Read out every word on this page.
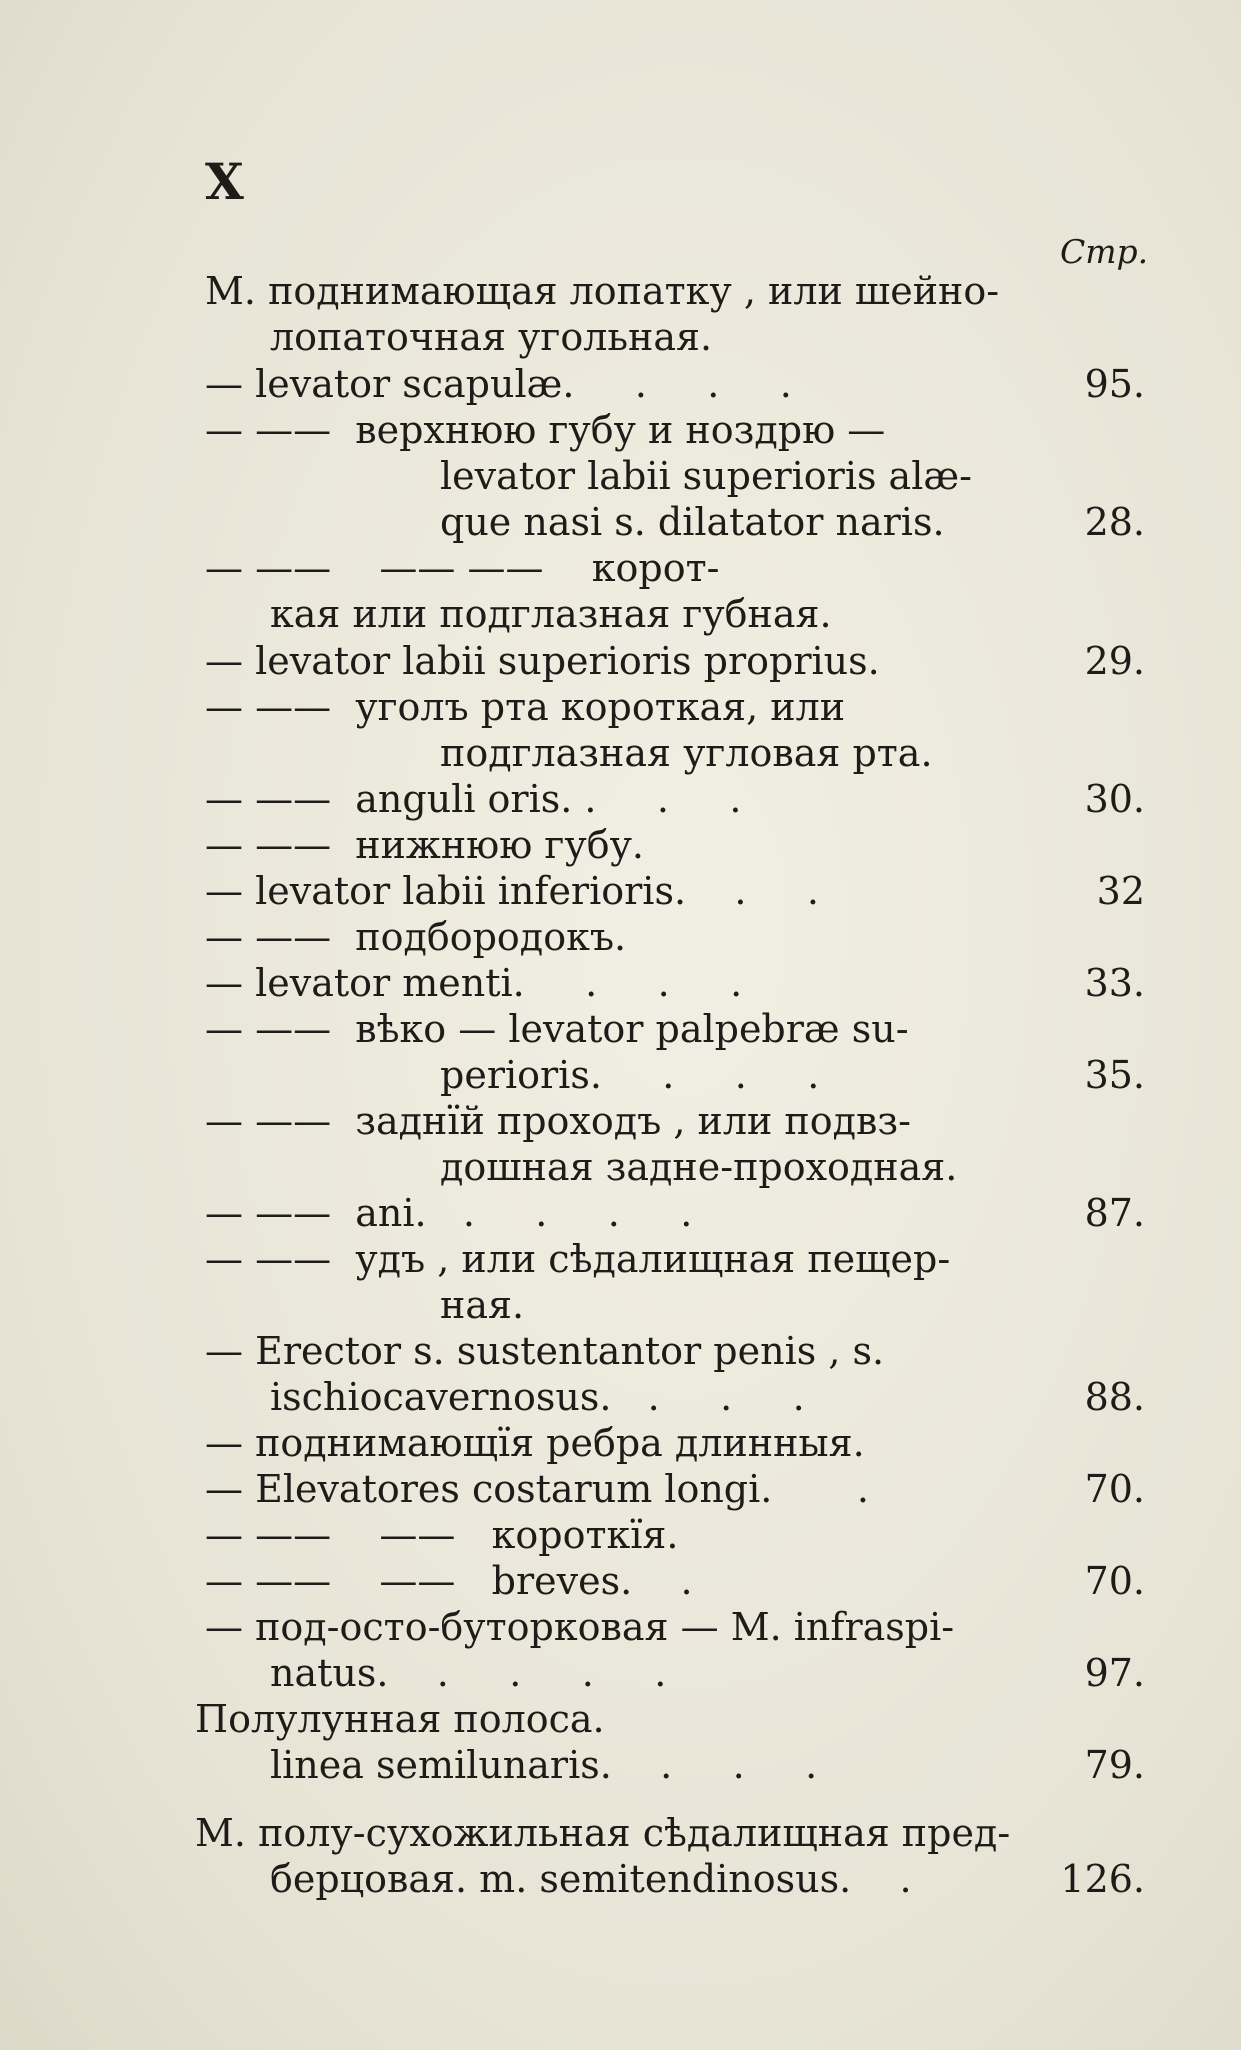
X
Стр.
M. поднимающая лопатку , или шейно-
лопаточная угольная.
— levator scapulæ.     .     .     .	95.
— ——  верхнюю губу и ноздрю —
levator labii superioris alæ-
que nasi s. dilatator naris.	28.
— ——    —— ——    корот-
кая или подглазная губная.
— levator labii superioris proprius.	29.
— ——  уголъ рта короткая, или
подглазная угловая рта.
— ——  anguli oris. .     .     .	30.
— ——  нижнюю губу.
— levator labii inferioris.    .     .	32
— ——  подбородокъ.
— levator menti.     .     .     .	33.
— ——  вѣко — levator palpebræ su-
perioris.     .     .     .	35.
— ——  заднїй проходъ , или подвз-
дошная задне-проходная.
— ——  ani.   .     .     .     .	87.
— ——  удъ , или сѣдалищная пещер-
ная.
— Erector s. sustentantor penis , s.
ischiocavernosus.   .     .     .	88.
— поднимающїя ребра длинныя.
— Elevatores costarum longi.       .	70.
— ——    ——   короткїя.
— ——    ——   breves.    .	70.
— под-осто-буторковая — M. infraspi-
natus.    .     .     .     .	97.
Полулунная полоса.
linea semilunaris.    .     .     .	79.
M. полу-сухожильная сѣдалищная пред-
берцовая. m. semitendinosus.    .	126.
